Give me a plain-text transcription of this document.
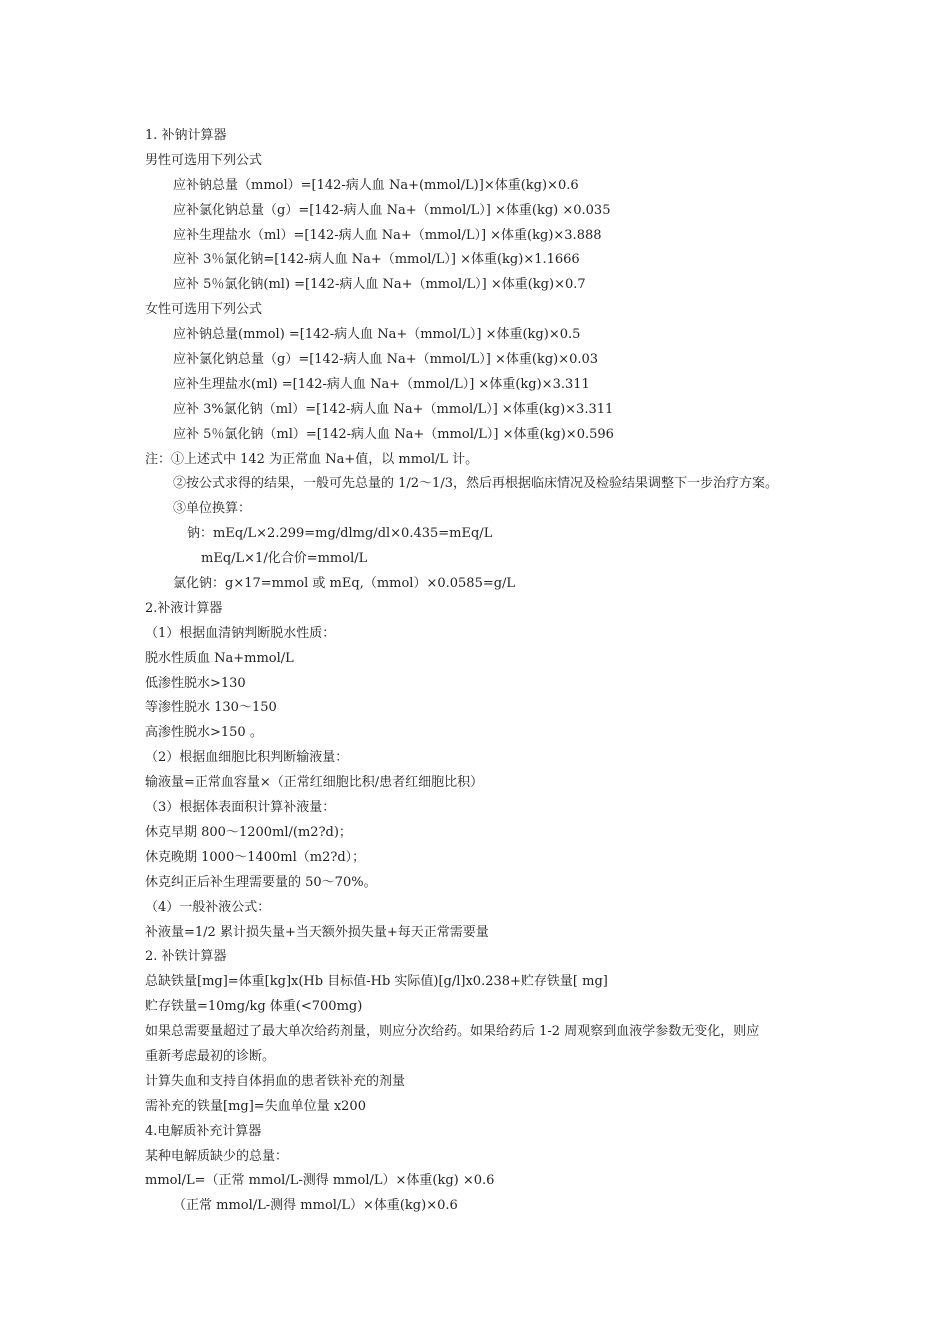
1. 补钠计算器
男性可选用下列公式
应补钠总量（mmol）=[142-病人血 Na+(mmol/L)]×体重(kg)×0.6
应补氯化钠总量（g）=[142-病人血 Na+（mmol/L）] ×体重(kg) ×0.035
应补生理盐水（ml）=[142-病人血 Na+（mmol/L）] ×体重(kg)×3.888
应补 3％氯化钠=[142-病人血 Na+（mmol/L）] ×体重(kg)×1.1666
应补 5％氯化钠(ml) =[142-病人血 Na+（mmol/L）] ×体重(kg)×0.7
女性可选用下列公式
应补钠总量(mmol) =[142-病人血 Na+（mmol/L）] ×体重(kg)×0.5
应补氯化钠总量（g）=[142-病人血 Na+（mmol/L）] ×体重(kg)×0.03
应补生理盐水(ml) =[142-病人血 Na+（mmol/L）] ×体重(kg)×3.311
应补 3%氯化钠（ml）=[142-病人血 Na+（mmol/L）] ×体重(kg)×3.311
应补 5％氯化钠（ml）=[142-病人血 Na+（mmol/L）] ×体重(kg)×0.596
注：①上述式中 142 为正常血 Na+值，以 mmol/L 计。
②按公式求得的结果，一般可先总量的 1/2～1/3，然后再根据临床情况及检验结果调整下一步治疗方案。
③单位换算：
钠：mEq/L×2.299=mg/dlmg/dl×0.435=mEq/L
mEq/L×1/化合价=mmol/L
氯化钠：g×17=mmol 或 mEq,（mmol）×0.0585=g/L
2.补液计算器
（1）根据血清钠判断脱水性质：
脱水性质血 Na+mmol/L
低渗性脱水>130
等渗性脱水 130～150
高渗性脱水>150 。
（2）根据血细胞比积判断输液量：
输液量=正常血容量×（正常红细胞比积/患者红细胞比积）
（3）根据体表面积计算补液量：
休克早期 800～1200ml/(m2?d)；
休克晚期 1000～1400ml（m2?d）；
休克纠正后补生理需要量的 50～70%。
（4）一般补液公式：
补液量=1/2 累计损失量+当天额外损失量+每天正常需要量
2. 补铁计算器
总缺铁量[mg]=体重[kg]x(Hb 目标值-Hb 实际值)[g/l]x0.238+贮存铁量[ mg]
贮存铁量=10mg/kg 体重(<700mg)
如果总需要量超过了最大单次给药剂量，则应分次给药。如果给药后 1-2 周观察到血液学参数无变化，则应
重新考虑最初的诊断。
计算失血和支持自体捐血的患者铁补充的剂量
需补充的铁量[mg]=失血单位量 x200
4.电解质补充计算器
某种电解质缺少的总量：
mmol/L=（正常 mmol/L-测得 mmol/L）×体重(kg) ×0.6
（正常 mmol/L-测得 mmol/L）×体重(kg)×0.6
